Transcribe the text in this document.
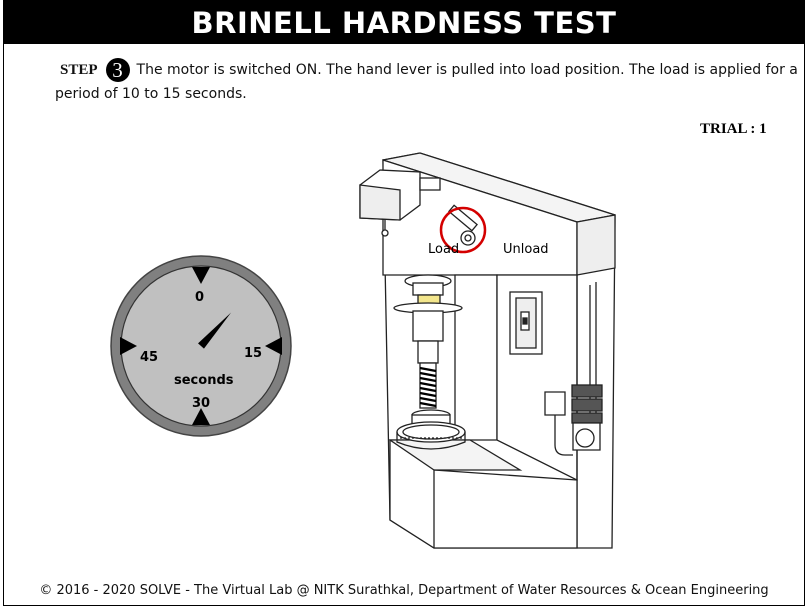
BRINELL HARDNESS TEST
STEP 3 The motor is switched ON. The hand lever is pulled into load position. The load is applied for a period of 10 to 15 seconds.
TRIAL : 1
0
15
30
45
seconds
Load	Unload
© 2016 - 2020 SOLVE - The Virtual Lab @ NITK Surathkal, Department of Water Resources & Ocean Engineering
